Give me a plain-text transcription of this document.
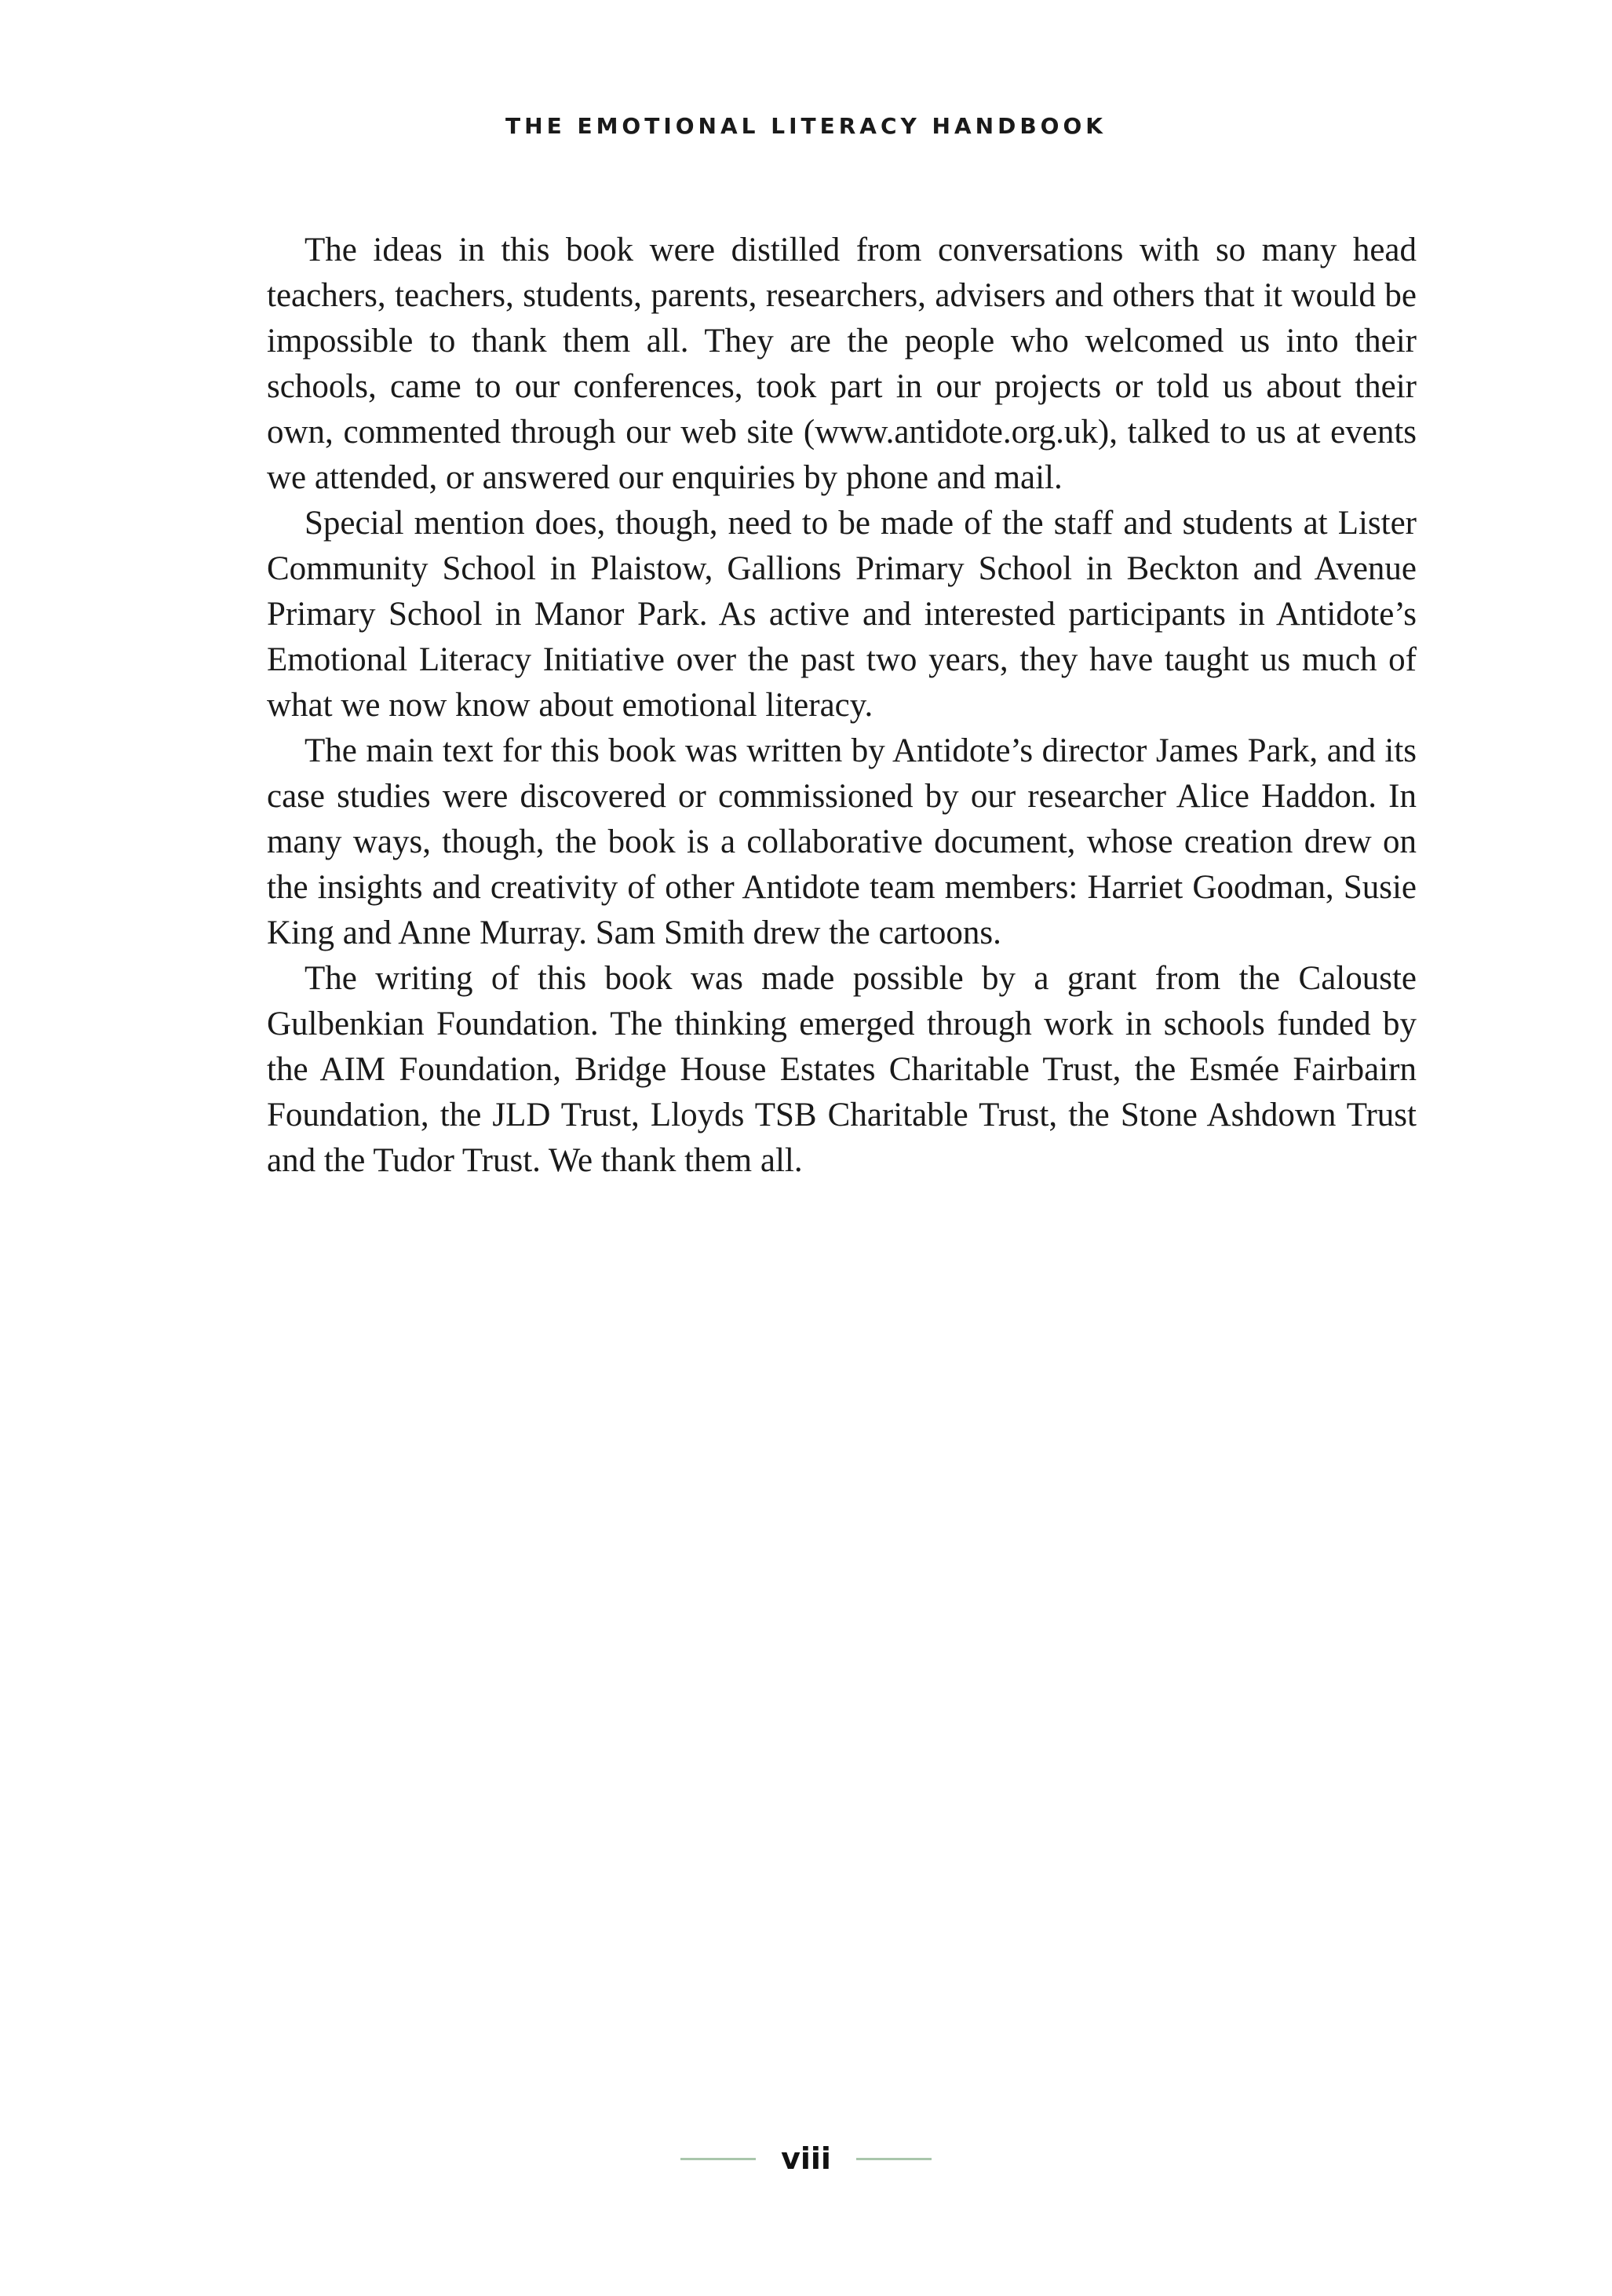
THE EMOTIONAL LITERACY HANDBOOK

The ideas in this book were distilled from conversations with so many head teachers, teachers, students, parents, researchers, advisers and others that it would be impossible to thank them all. They are the people who welcomed us into their schools, came to our conferences, took part in our projects or told us about their own, commented through our web site (www.antidote.org.uk), talked to us at events we attended, or answered our enquiries by phone and mail.

Special mention does, though, need to be made of the staff and students at Lister Community School in Plaistow, Gallions Primary School in Beckton and Avenue Primary School in Manor Park. As active and interested participants in Antidote’s Emotional Literacy Initiative over the past two years, they have taught us much of what we now know about emotional literacy.

The main text for this book was written by Antidote’s director James Park, and its case studies were discovered or commissioned by our researcher Alice Haddon. In many ways, though, the book is a collaborative document, whose creation drew on the insights and creativity of other Antidote team members: Harriet Goodman, Susie King and Anne Murray. Sam Smith drew the cartoons.

The writing of this book was made possible by a grant from the Calouste Gulbenkian Foundation. The thinking emerged through work in schools funded by the AIM Foundation, Bridge House Estates Charitable Trust, the Esmée Fairbairn Foundation, the JLD Trust, Lloyds TSB Charitable Trust, the Stone Ashdown Trust and the Tudor Trust. We thank them all.

viii
